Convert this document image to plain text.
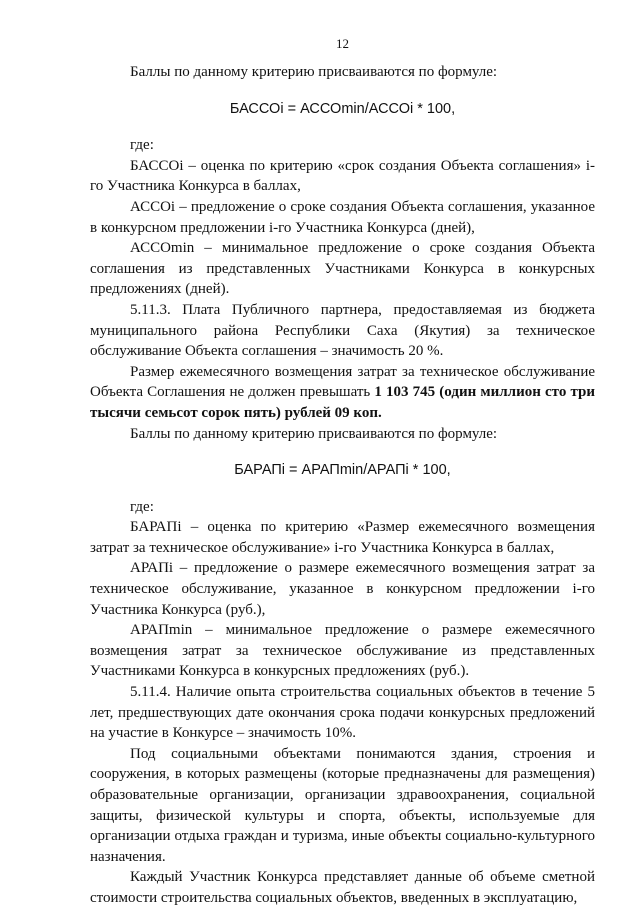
12

Баллы по данному критерию присваиваются по формуле:

БАССОi = АССОmin/АССОi * 100,

где:

БАССОi – оценка по критерию «срок создания Объекта соглашения» i-го Участника Конкурса в баллах,

АССОi – предложение о сроке создания Объекта соглашения, указанное в конкурсном предложении i-го Участника Конкурса (дней),

АССОmin – минимальное предложение о сроке создания Объекта соглашения из представленных Участниками Конкурса в конкурсных предложениях (дней).

5.11.3. Плата Публичного партнера, предоставляемая из бюджета муниципального района Республики Саха (Якутия) за техническое обслуживание Объекта соглашения – значимость 20 %.

Размер ежемесячного возмещения затрат за техническое обслуживание Объекта Соглашения не должен превышать 1 103 745 (один миллион сто три тысячи семьсот сорок пять) рублей 09 коп.

Баллы по данному критерию присваиваются по формуле:

БАРАПi = АРАПmin/АРАПi * 100,

где:

БАРАПi – оценка по критерию «Размер ежемесячного возмещения затрат за техническое обслуживание» i-го Участника Конкурса в баллах,

АРАПi – предложение о размере ежемесячного возмещения затрат за техническое обслуживание, указанное в конкурсном предложении i-го Участника Конкурса (руб.),

АРАПmin – минимальное предложение о размере ежемесячного возмещения затрат за техническое обслуживание из представленных Участниками Конкурса в конкурсных предложениях (руб.).

5.11.4. Наличие опыта строительства социальных объектов в течение 5 лет, предшествующих дате окончания срока подачи конкурсных предложений на участие в Конкурсе – значимость 10%.

Под социальными объектами понимаются здания, строения и сооружения, в которых размещены (которые предназначены для размещения) образовательные организации, организации здравоохранения, социальной защиты, физической культуры и спорта, объекты, используемые для организации отдыха граждан и туризма, иные объекты социально-культурного назначения.

Каждый Участник Конкурса представляет данные об объеме сметной стоимости строительства социальных объектов, введенных в эксплуатацию,
